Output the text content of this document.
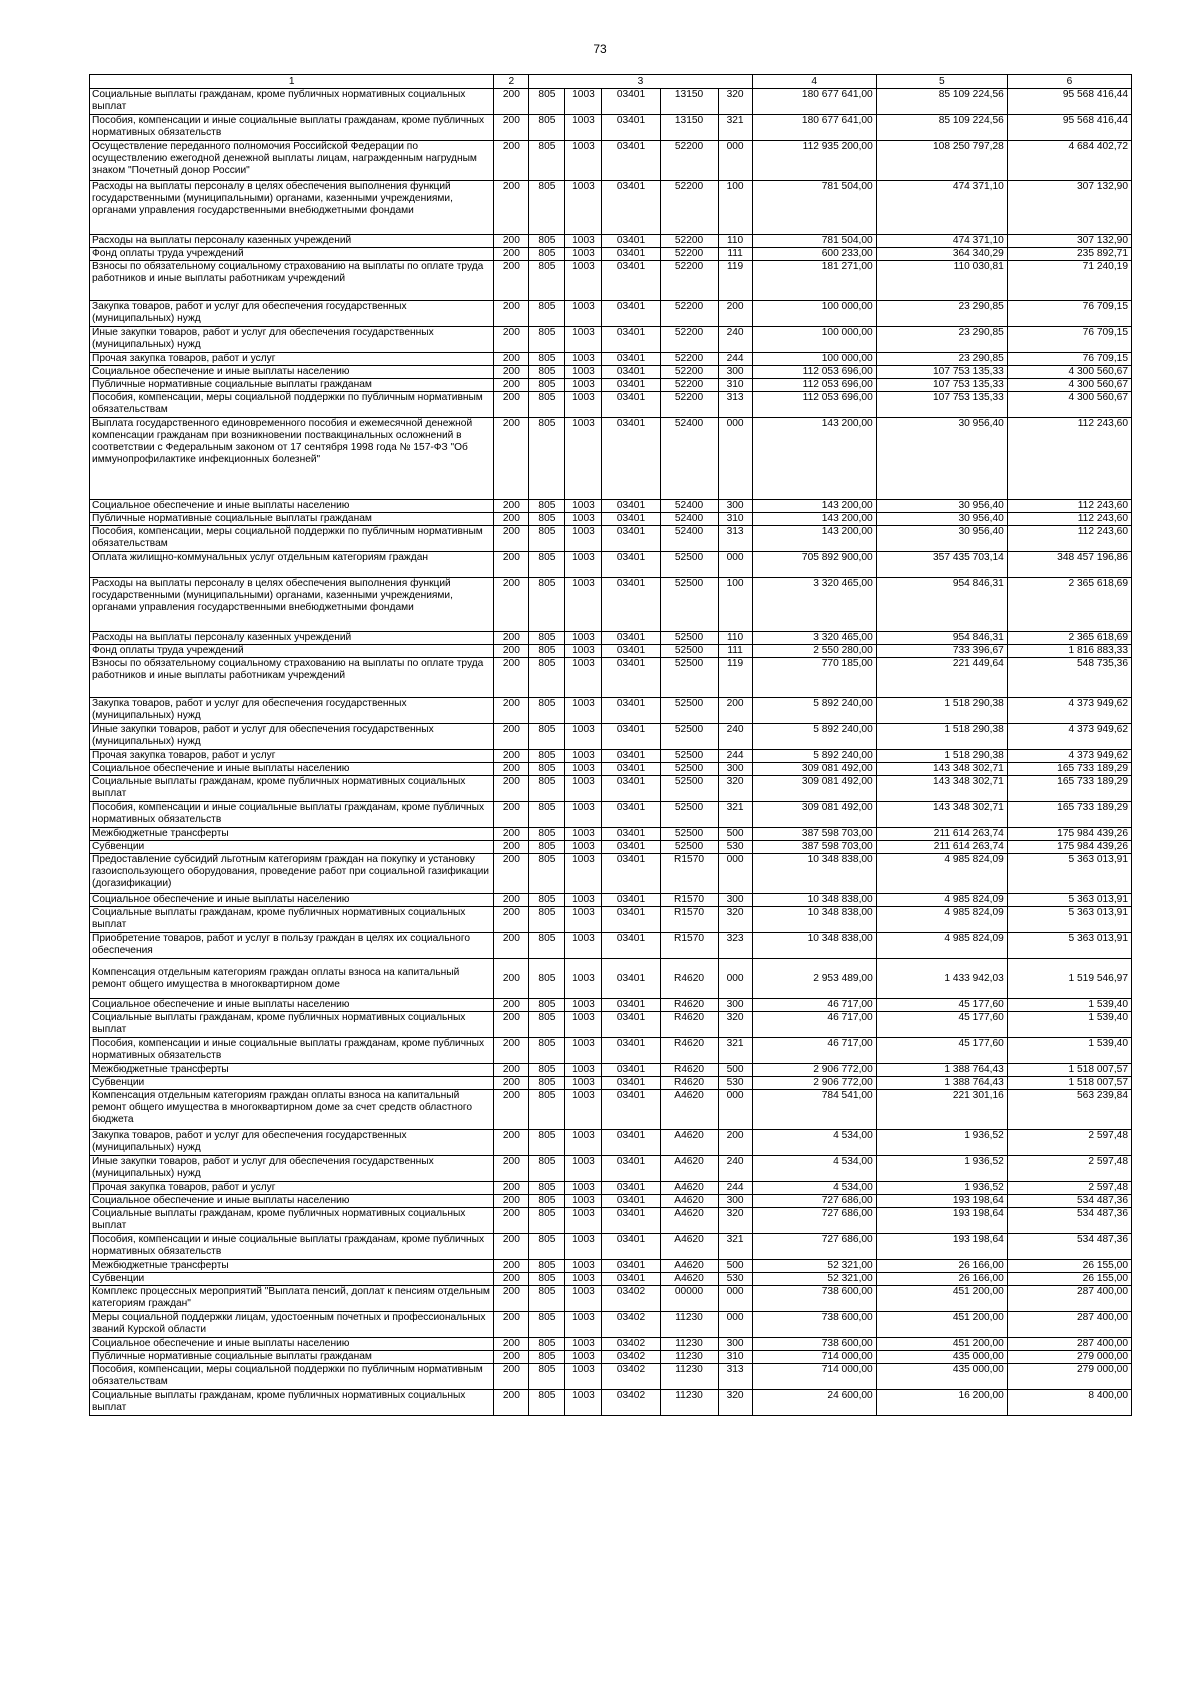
73
1	2	3					4	5	6
Социальные выплаты гражданам, кроме публичных нормативных социальных выплат	200	805	1003	03401	13150	320	180 677 641,00	85 109 224,56	95 568 416,44
Пособия, компенсации и иные социальные выплаты гражданам, кроме публичных нормативных обязательств	200	805	1003	03401	13150	321	180 677 641,00	85 109 224,56	95 568 416,44
Осуществление переданного полномочия Российской Федерации по осуществлению ежегодной денежной выплаты лицам, награжденным нагрудным знаком "Почетный донор России"	200	805	1003	03401	52200	000	112 935 200,00	108 250 797,28	4 684 402,72
Расходы на выплаты персоналу в целях обеспечения выполнения функций государственными (муниципальными) органами, казенными учреждениями, органами управления государственными внебюджетными фондами	200	805	1003	03401	52200	100	781 504,00	474 371,10	307 132,90
Расходы на выплаты персоналу казенных учреждений	200	805	1003	03401	52200	110	781 504,00	474 371,10	307 132,90
Фонд оплаты труда учреждений	200	805	1003	03401	52200	111	600 233,00	364 340,29	235 892,71
Взносы по обязательному социальному страхованию на выплаты по оплате труда работников и иные выплаты работникам учреждений	200	805	1003	03401	52200	119	181 271,00	110 030,81	71 240,19
Закупка товаров, работ и услуг для обеспечения государственных (муниципальных) нужд	200	805	1003	03401	52200	200	100 000,00	23 290,85	76 709,15
Иные закупки товаров, работ и услуг для обеспечения государственных (муниципальных) нужд	200	805	1003	03401	52200	240	100 000,00	23 290,85	76 709,15
Прочая закупка товаров, работ и услуг	200	805	1003	03401	52200	244	100 000,00	23 290,85	76 709,15
Социальное обеспечение и иные выплаты населению	200	805	1003	03401	52200	300	112 053 696,00	107 753 135,33	4 300 560,67
Публичные нормативные социальные выплаты гражданам	200	805	1003	03401	52200	310	112 053 696,00	107 753 135,33	4 300 560,67
Пособия, компенсации, меры социальной поддержки по публичным нормативным обязательствам	200	805	1003	03401	52200	313	112 053 696,00	107 753 135,33	4 300 560,67
Выплата государственного единовременного пособия и ежемесячной денежной компенсации гражданам при возникновении поствакцинальных осложнений в соответствии с Федеральным законом от 17 сентября 1998 года № 157-ФЗ "Об иммунопрофилактике инфекционных болезней"	200	805	1003	03401	52400	000	143 200,00	30 956,40	112 243,60
Социальное обеспечение и иные выплаты населению	200	805	1003	03401	52400	300	143 200,00	30 956,40	112 243,60
Публичные нормативные социальные выплаты гражданам	200	805	1003	03401	52400	310	143 200,00	30 956,40	112 243,60
Пособия, компенсации, меры социальной поддержки по публичным нормативным обязательствам	200	805	1003	03401	52400	313	143 200,00	30 956,40	112 243,60
Оплата жилищно-коммунальных услуг отдельным категориям граждан	200	805	1003	03401	52500	000	705 892 900,00	357 435 703,14	348 457 196,86
Расходы на выплаты персоналу в целях обеспечения выполнения функций государственными (муниципальными) органами, казенными учреждениями, органами управления государственными внебюджетными фондами	200	805	1003	03401	52500	100	3 320 465,00	954 846,31	2 365 618,69
Расходы на выплаты персоналу казенных учреждений	200	805	1003	03401	52500	110	3 320 465,00	954 846,31	2 365 618,69
Фонд оплаты труда учреждений	200	805	1003	03401	52500	111	2 550 280,00	733 396,67	1 816 883,33
Взносы по обязательному социальному страхованию на выплаты по оплате труда работников и иные выплаты работникам учреждений	200	805	1003	03401	52500	119	770 185,00	221 449,64	548 735,36
Закупка товаров, работ и услуг для обеспечения государственных (муниципальных) нужд	200	805	1003	03401	52500	200	5 892 240,00	1 518 290,38	4 373 949,62
Иные закупки товаров, работ и услуг для обеспечения государственных (муниципальных) нужд	200	805	1003	03401	52500	240	5 892 240,00	1 518 290,38	4 373 949,62
Прочая закупка товаров, работ и услуг	200	805	1003	03401	52500	244	5 892 240,00	1 518 290,38	4 373 949,62
Социальное обеспечение и иные выплаты населению	200	805	1003	03401	52500	300	309 081 492,00	143 348 302,71	165 733 189,29
Социальные выплаты гражданам, кроме публичных нормативных социальных выплат	200	805	1003	03401	52500	320	309 081 492,00	143 348 302,71	165 733 189,29
Пособия, компенсации и иные социальные выплаты гражданам, кроме публичных нормативных обязательств	200	805	1003	03401	52500	321	309 081 492,00	143 348 302,71	165 733 189,29
Межбюджетные трансферты	200	805	1003	03401	52500	500	387 598 703,00	211 614 263,74	175 984 439,26
Субвенции	200	805	1003	03401	52500	530	387 598 703,00	211 614 263,74	175 984 439,26
Предоставление субсидий льготным категориям граждан на покупку и установку газоиспользующего оборудования, проведение работ при социальной газификации (догазификации)	200	805	1003	03401	R1570	000	10 348 838,00	4 985 824,09	5 363 013,91
Социальное обеспечение и иные выплаты населению	200	805	1003	03401	R1570	300	10 348 838,00	4 985 824,09	5 363 013,91
Социальные выплаты гражданам, кроме публичных нормативных социальных выплат	200	805	1003	03401	R1570	320	10 348 838,00	4 985 824,09	5 363 013,91
Приобретение товаров, работ и услуг в пользу граждан в целях их социального обеспечения	200	805	1003	03401	R1570	323	10 348 838,00	4 985 824,09	5 363 013,91
Компенсация отдельным категориям граждан оплаты взноса на капитальный ремонт общего имущества в многоквартирном доме	200	805	1003	03401	R4620	000	2 953 489,00	1 433 942,03	1 519 546,97
Социальное обеспечение и иные выплаты населению	200	805	1003	03401	R4620	300	46 717,00	45 177,60	1 539,40
Социальные выплаты гражданам, кроме публичных нормативных социальных выплат	200	805	1003	03401	R4620	320	46 717,00	45 177,60	1 539,40
Пособия, компенсации и иные социальные выплаты гражданам, кроме публичных нормативных обязательств	200	805	1003	03401	R4620	321	46 717,00	45 177,60	1 539,40
Межбюджетные трансферты	200	805	1003	03401	R4620	500	2 906 772,00	1 388 764,43	1 518 007,57
Субвенции	200	805	1003	03401	R4620	530	2 906 772,00	1 388 764,43	1 518 007,57
Компенсация отдельным категориям граждан оплаты взноса на капитальный ремонт общего имущества в многоквартирном доме за счет средств областного бюджета	200	805	1003	03401	A4620	000	784 541,00	221 301,16	563 239,84
Закупка товаров, работ и услуг для обеспечения государственных (муниципальных) нужд	200	805	1003	03401	A4620	200	4 534,00	1 936,52	2 597,48
Иные закупки товаров, работ и услуг для обеспечения государственных (муниципальных) нужд	200	805	1003	03401	A4620	240	4 534,00	1 936,52	2 597,48
Прочая закупка товаров, работ и услуг	200	805	1003	03401	A4620	244	4 534,00	1 936,52	2 597,48
Социальное обеспечение и иные выплаты населению	200	805	1003	03401	A4620	300	727 686,00	193 198,64	534 487,36
Социальные выплаты гражданам, кроме публичных нормативных социальных выплат	200	805	1003	03401	A4620	320	727 686,00	193 198,64	534 487,36
Пособия, компенсации и иные социальные выплаты гражданам, кроме публичных нормативных обязательств	200	805	1003	03401	A4620	321	727 686,00	193 198,64	534 487,36
Межбюджетные трансферты	200	805	1003	03401	A4620	500	52 321,00	26 166,00	26 155,00
Субвенции	200	805	1003	03401	A4620	530	52 321,00	26 166,00	26 155,00
Комплекс процессных мероприятий "Выплата пенсий, доплат к пенсиям отдельным категориям граждан"	200	805	1003	03402	00000	000	738 600,00	451 200,00	287 400,00
Меры социальной поддержки лицам, удостоенным почетных и профессиональных званий Курской области	200	805	1003	03402	11230	000	738 600,00	451 200,00	287 400,00
Социальное обеспечение и иные выплаты населению	200	805	1003	03402	11230	300	738 600,00	451 200,00	287 400,00
Публичные нормативные социальные выплаты гражданам	200	805	1003	03402	11230	310	714 000,00	435 000,00	279 000,00
Пособия, компенсации, меры социальной поддержки по публичным нормативным обязательствам	200	805	1003	03402	11230	313	714 000,00	435 000,00	279 000,00
Социальные выплаты гражданам, кроме публичных нормативных социальных выплат	200	805	1003	03402	11230	320	24 600,00	16 200,00	8 400,00
